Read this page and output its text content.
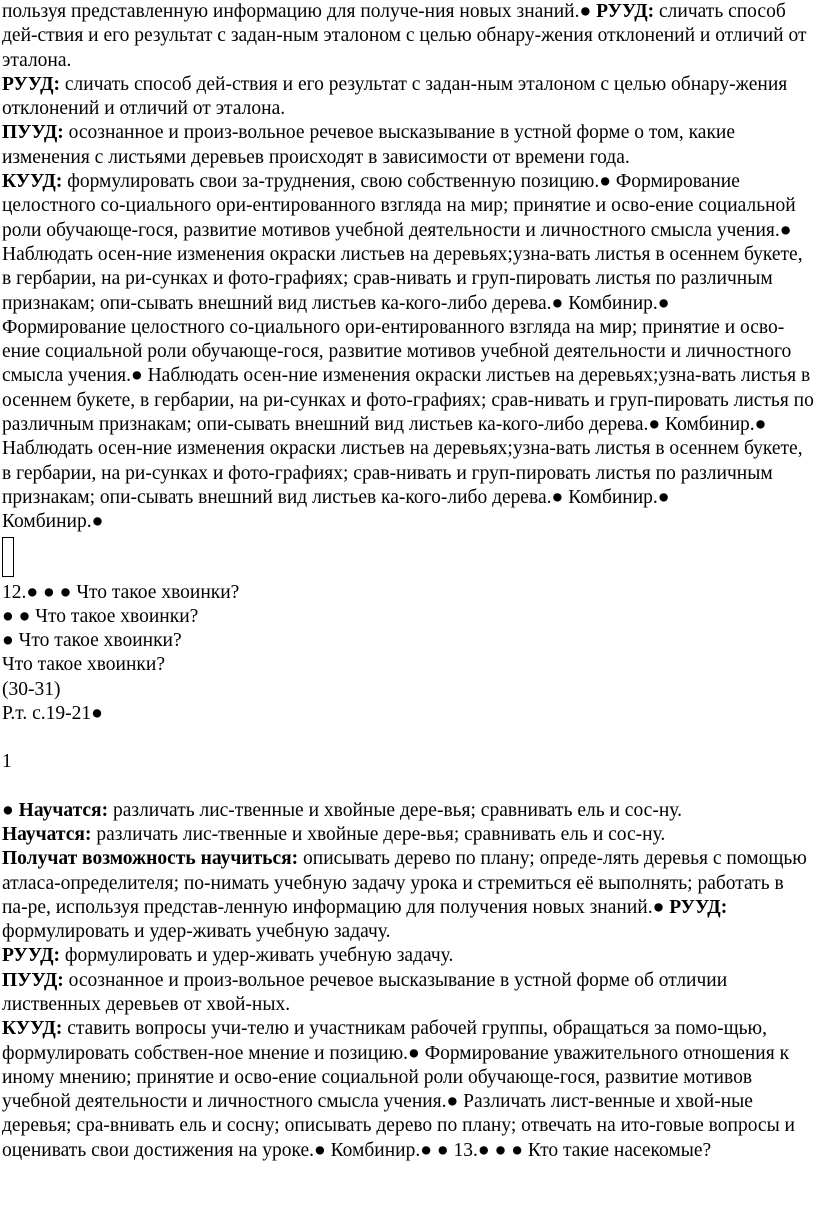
пользуя представленную информацию для получе-ния новых знаний.● РУУД: сличать способ дей-ствия и его результат с задан-ным эталоном с целью обнару-жения отклонений и отличий от эталона.

РУУД: сличать способ дей-ствия и его результат с задан-ным эталоном с целью обнару-жения отклонений и отличий от эталона.

ПУУД: осознанное и произ-вольное речевое высказывание в устной форме о том, какие изменения с листьями деревьев происходят в зависимости от времени года.

КУУД: формулировать свои за-труднения, свою собственную позицию.● Формирование целостного со-циального ори-ентированного взгляда на мир; принятие и осво-ение социальной роли обучающе-гося, развитие мотивов учебной деятельности и личностного смысла учения.● Наблюдать осен-ние изменения окраски листьев на деревьях;узна-вать листья в осеннем букете, в гербарии, на ри-сунках и фото-графиях; срав-нивать и груп-пировать листья по различным признакам; опи-сывать внешний вид листьев ка-кого-либо дерева.● Комбинир.●

Формирование целостного со-циального ори-ентированного взгляда на мир; принятие и осво-ение социальной роли обучающе-гося, развитие мотивов учебной деятельности и личностного смысла учения.● Наблюдать осен-ние изменения окраски листьев на деревьях;узна-вать листья в осеннем букете, в гербарии, на ри-сунках и фото-графиях; срав-нивать и груп-пировать листья по различным признакам; опи-сывать внешний вид листьев ка-кого-либо дерева.● Комбинир.●

Наблюдать осен-ние изменения окраски листьев на деревьях;узна-вать листья в осеннем букете, в гербарии, на ри-сунках и фото-графиях; срав-нивать и груп-пировать листья по различным признакам; опи-сывать внешний вид листьев ка-кого-либо дерева.● Комбинир.●

Комбинир.●

12.● ● ● Что такое хвоинки?

● ● Что такое хвоинки?

● Что такое хвоинки?

Что такое хвоинки?

(30-31)

Р.т. с.19-21●

1

● Научатся: различать лис-твенные и хвойные дере-вья; сравнивать ель и сос-ну.

Научатся: различать лис-твенные и хвойные дере-вья; сравнивать ель и сос-ну.

Получат возможность научиться: описывать дерево по плану; опреде-лять деревья с помощью атласа-определителя; по-нимать учебную задачу урока и стремиться её выполнять; работать в па-ре, используя представ-ленную информацию для получения новых знаний.● РУУД: формулировать и удер-живать учебную задачу.

РУУД: формулировать и удер-живать учебную задачу.

ПУУД: осознанное и произ-вольное речевое высказывание в устной форме об отличии лиственных деревьев от хвой-ных.

КУУД: ставить вопросы учи-телю и участникам рабочей группы, обращаться за помо-щью, формулировать собствен-ное мнение и позицию.● Формирование уважительного отношения к иному мнению; принятие и осво-ение социальной роли обучающе-гося, развитие мотивов учебной деятельности и личностного смысла учения.● Различать лист-венные и хвой-ные деревья; сра-внивать ель и сосну; описывать дерево по плану; отвечать на ито-говые вопросы и оценивать свои достижения на уроке.● Комбинир.● ● 13.● ● ● Кто такие насекомые?
